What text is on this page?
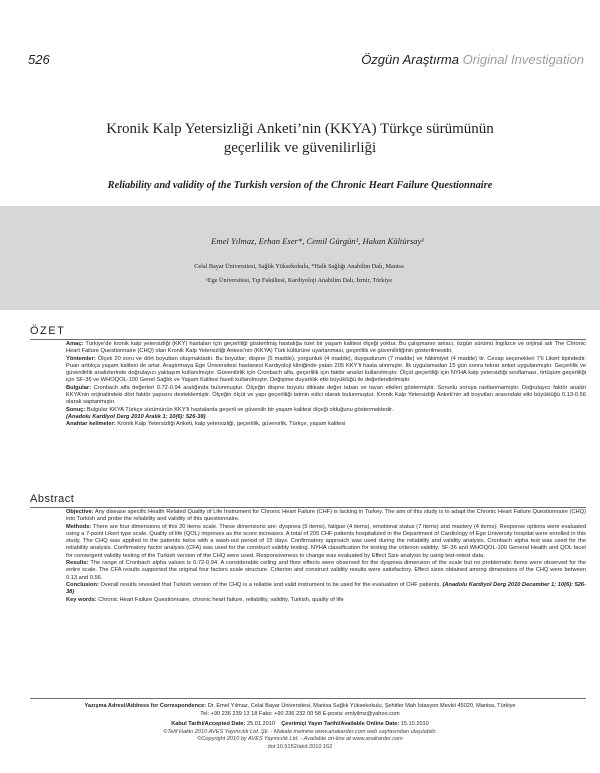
526	Özgün Araştırma Original Investigation
Kronik Kalp Yetersizliği Anketi’nin (KKYA) Türkçe sürümünün
geçerlilik ve güvenilirliği
Reliability and validity of the Turkish version of the Chronic Heart Failure Questionnaire
Emel Yılmaz, Erhan Eser*, Cemil Gürgün¹, Hakan Kültürsay¹
Celal Bayar Üniversitesi, Sağlık Yüksekokulu, *Halk Sağlığı Anabilim Dalı, Manisa
¹Ege Üniversitesi, Tıp Fakültesi, Kardiyoloji Anabilim Dalı, İzmir, Türkiye
ÖZET

Amaç: Türkiye’de kronik kalp yetersizliği (KKY) hastaları için geçerliliği gösterilmiş hastalığa özel bir yaşam kalitesi ölçeği yoktur. Bu çalışmanın amacı, özgün sürümü İngilizce ve orijinal adı The Chronic Heart Failure Questionnaire (CHQ) olan Kronik Kalp Yetersizliği Ankesi’nin (KKYA) Türk kültürüne uyarlanması, geçerlilik ve güvenilirliğinin gösterilmesidir.

Yöntemler: Ölçek 20 soru ve dört boyuttan oluşmaktadır. Bu boyutlar; dispne (5 madde), yorgunluk (4 madde), duygudurum (7 madde) ve hâkimiyet (4 madde) tir. Cevap seçenekleri 7’li Likert tipindedir. Puan arttıkça yaşam kalitesi de artar. Araştırmaya Ege Üniversitesi hastanesi Kardiyoloji kliniğinde yatan 205 KKY’li hasta alınmıştır. İlk uygulamadan 15 gün sonra tekrar anket uygulanmıştır. Geçerlilik ve güvenilirlik analizlerinde doğrulayıcı yaklaşım kullanılmıştır. Güvenilirlik için Cronbach alfa, geçerlilik için faktör analizi kullanılmıştır. Ölçüt geçerliliği için NYHA kalp yetersizliği sınıflaması, örtüşüm geçerliliği için SF-36 ve WHOQOL-100 Genel Sağlık ve Yaşam Kalitesi faseti kullanılmıştır. Değişime duyarlılık etki büyüklüğü ile değerlendirilmiştir.

Bulgular: Cronbach alfa değerleri 0.72-0.94 aralığında bulunmuştur. Ölçeğin dispne boyutu dikkate değer taban ve tavan etkileri göstermiştir. Sorunlu soruya rastlanmamıştır. Doğrulayıcı faktör analizi KKYA’nin orijinalindeki dört faktör yapısını desteklemiştir. Ölçeğin ölçüt ve yapı geçerliliği tatmin edici olarak bulunmuştur. Kronik Kalp Yetersizliği Anketi’nin alt boyutları arasındaki etki büyüklüğü 0.13-0.56 olarak saptanmıştır.

Sonuç: Bulgular KKYA Türkçe sürümünün KKY’li hastalarda geçerli ve güvenilir bir yaşam kalitesi ölçeği olduğunu göstermektedir.

(Anadolu Kardiyol Derg 2010 Aralık 1; 10(6): 526-38)

Anahtar kelimeler: Kronik Kalp Yetersizliği Anketi, kalp yetersizliği, geçerlilik, güvenirlik, Türkçe, yaşam kalitesi

Abstract

Objective: Any disease specific Health Related Quality of Life Instrument for Chronic Heart Failure (CHF) is lacking in Turkey. The aim of this study is to adapt the Chronic Heart Failure Questionnaire (CHQ) into Turkish and probe the reliability and validity of this questionnaire.

Methods: There are four dimensions of this 20 items scale. These dimensions are: dyspnea (5 items), fatigue (4 items), emotional status (7 items) and mastery (4 items). Response options were evaluated using a 7-point Likert type scale. Quality of life (QOL) improves as the score increases. A total of 205 CHF patients hospitalized in the Department of Cardiology of Ege University hospital were enrolled in this study. The CHQ was applied to the patients twice with a wash-out period of 15 days. Confirmatory approach was used during the reliability and validity analysis. Cronbach alpha test was used for the reliability analysis. Confirmatory factor analysis (CFA) was used for the construct validity testing. NYHA classification for testing the criterion validity; SF-36 and WHOQOL-100 General Health and QOL facet for convergent validity testing of the Turkish version of the CHQ were used. Responsiveness to change was evaluated by Effect Size analysis by using test-retest data.

Results: The range of Cronbach alpha values is 0.72-0.94. A considerable ceiling and floor effects were observed for the dyspnea dimension of the scale but no problematic items were observed for the entire scale. The CFA results supported the original four factors scale structure. Criterion and construct validity results were satisfactory. Effect sizes obtained among dimensions of the CHQ were between 0.13 and 0.56.

Conclusion: Overall results revealed that Turkish version of the CHQ is a reliable and valid instrument to be used for the evaluation of CHF patients. (Anadolu Kardiyol Derg 2010 December 1; 10(6): 526-38)

Key words: Chronic Heart Failure Questionnaire, chronic heart failure, reliability, validity, Turkish, quality of life

Yazışma Adresi/Address for Correspondence: Dr. Emel Yılmaz, Celal Bayar Üniversitesi, Manisa Sağlık Yüksekokulu, Şehitler Mah İstasyon Mevkii 45020, Manisa, Türkiye
Tel: +90 236 239 13 18 Faks: +90 236 232 00 58 E-posta: emlyilmz@yahoo.com
Kabul Tarihi/Accepted Date: 25.01.2010 Çevrimiçi Yayın Tarihi/Available Online Date: 15.10.2010
©Telif Hakkı 2010 AVES Yayıncılık Ltd. Şti. - Makale metnine www.anakarder.com web sayfasından ulaşılabilir.
©Copyright 2010 by AVES Yayıncılık Ltd. - Available on-line at www.anakarder.com
doi:10.5152/akd.2010.162
